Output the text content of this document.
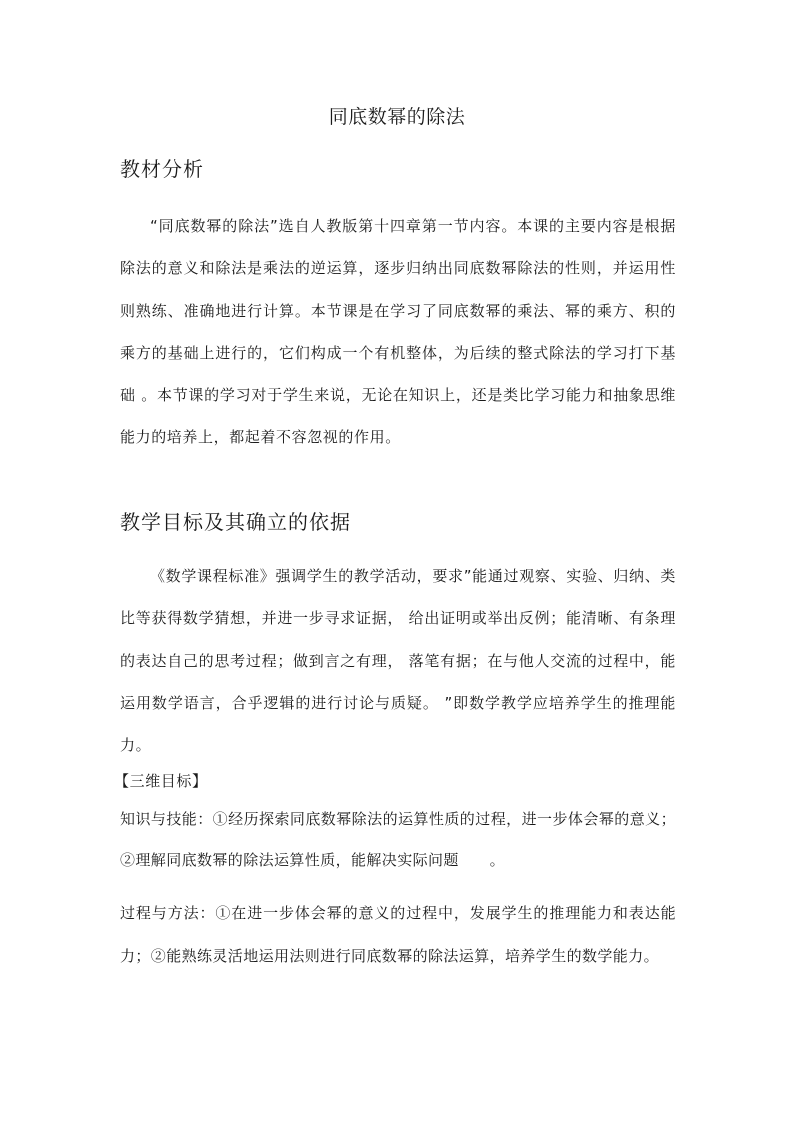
同底数幂的除法
教材分析

“同底数幂的除法”选自人教版第十四章第一节内容。本课的主要内容是根据除法的意义和除法是乘法的逆运算，逐步归纳出同底数幂除法的性则，并运用性则熟练、准确地进行计算。本节课是在学习了同底数幂的乘法、幂的乘方、积的乘方的基础上进行的，它们构成一个有机整体，为后续的整式除法的学习打下基础 。本节课的学习对于学生来说，无论在知识上，还是类比学习能力和抽象思维能力的培养上，都起着不容忽视的作用。

教学目标及其确立的依据

《数学课程标准》强调学生的教学活动，要求”能通过观察、实验、归纳、类比等获得数学猜想，并进一步寻求证据， 给出证明或举出反例；能清晰、有条理的表达自己的思考过程；做到言之有理， 落笔有据；在与他人交流的过程中，能运用数学语言，合乎逻辑的进行讨论与质疑。 ”即数学教学应培养学生的推理能力。

【三维目标】

知识与技能：①经历探索同底数幂除法的运算性质的过程，进一步体会幂的意义；②理解同底数幂的除法运算性质，能解决实际问题　　。

过程与方法：①在进一步体会幂的意义的过程中，发展学生的推理能力和表达能力；②能熟练灵活地运用法则进行同底数幂的除法运算，培养学生的数学能力。
